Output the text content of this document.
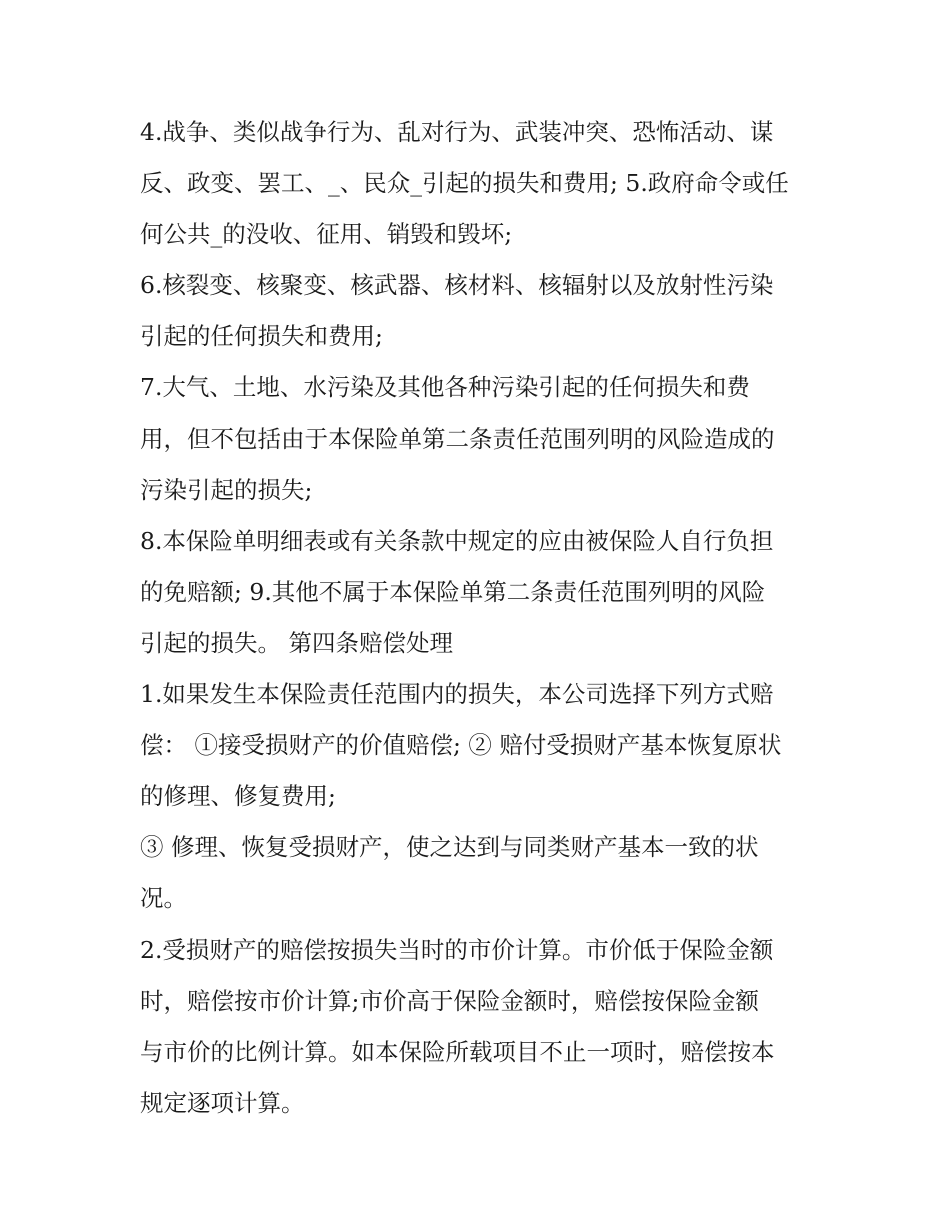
4.战争、类似战争行为、乱对行为、武装冲突、恐怖活动、谋
反、政变、罢工、_、民众_引起的损失和费用; 5.政府命令或任
何公共_的没收、征用、销毁和毁坏;
6.核裂变、核聚变、核武器、核材料、核辐射以及放射性污染
引起的任何损失和费用;
7.大气、土地、水污染及其他各种污染引起的任何损失和费
用，但不包括由于本保险单第二条责任范围列明的风险造成的
污染引起的损失;
8.本保险单明细表或有关条款中规定的应由被保险人自行负担
的免赔额; 9.其他不属于本保险单第二条责任范围列明的风险
引起的损失。 第四条赔偿处理
1.如果发生本保险责任范围内的损失，本公司选择下列方式赔
偿： ①接受损财产的价值赔偿; ② 赔付受损财产基本恢复原状
的修理、修复费用;
③ 修理、恢复受损财产，使之达到与同类财产基本一致的状
况。
2.受损财产的赔偿按损失当时的市价计算。市价低于保险金额
时，赔偿按市价计算;市价高于保险金额时，赔偿按保险金额
与市价的比例计算。如本保险所载项目不止一项时，赔偿按本
规定逐项计算。
